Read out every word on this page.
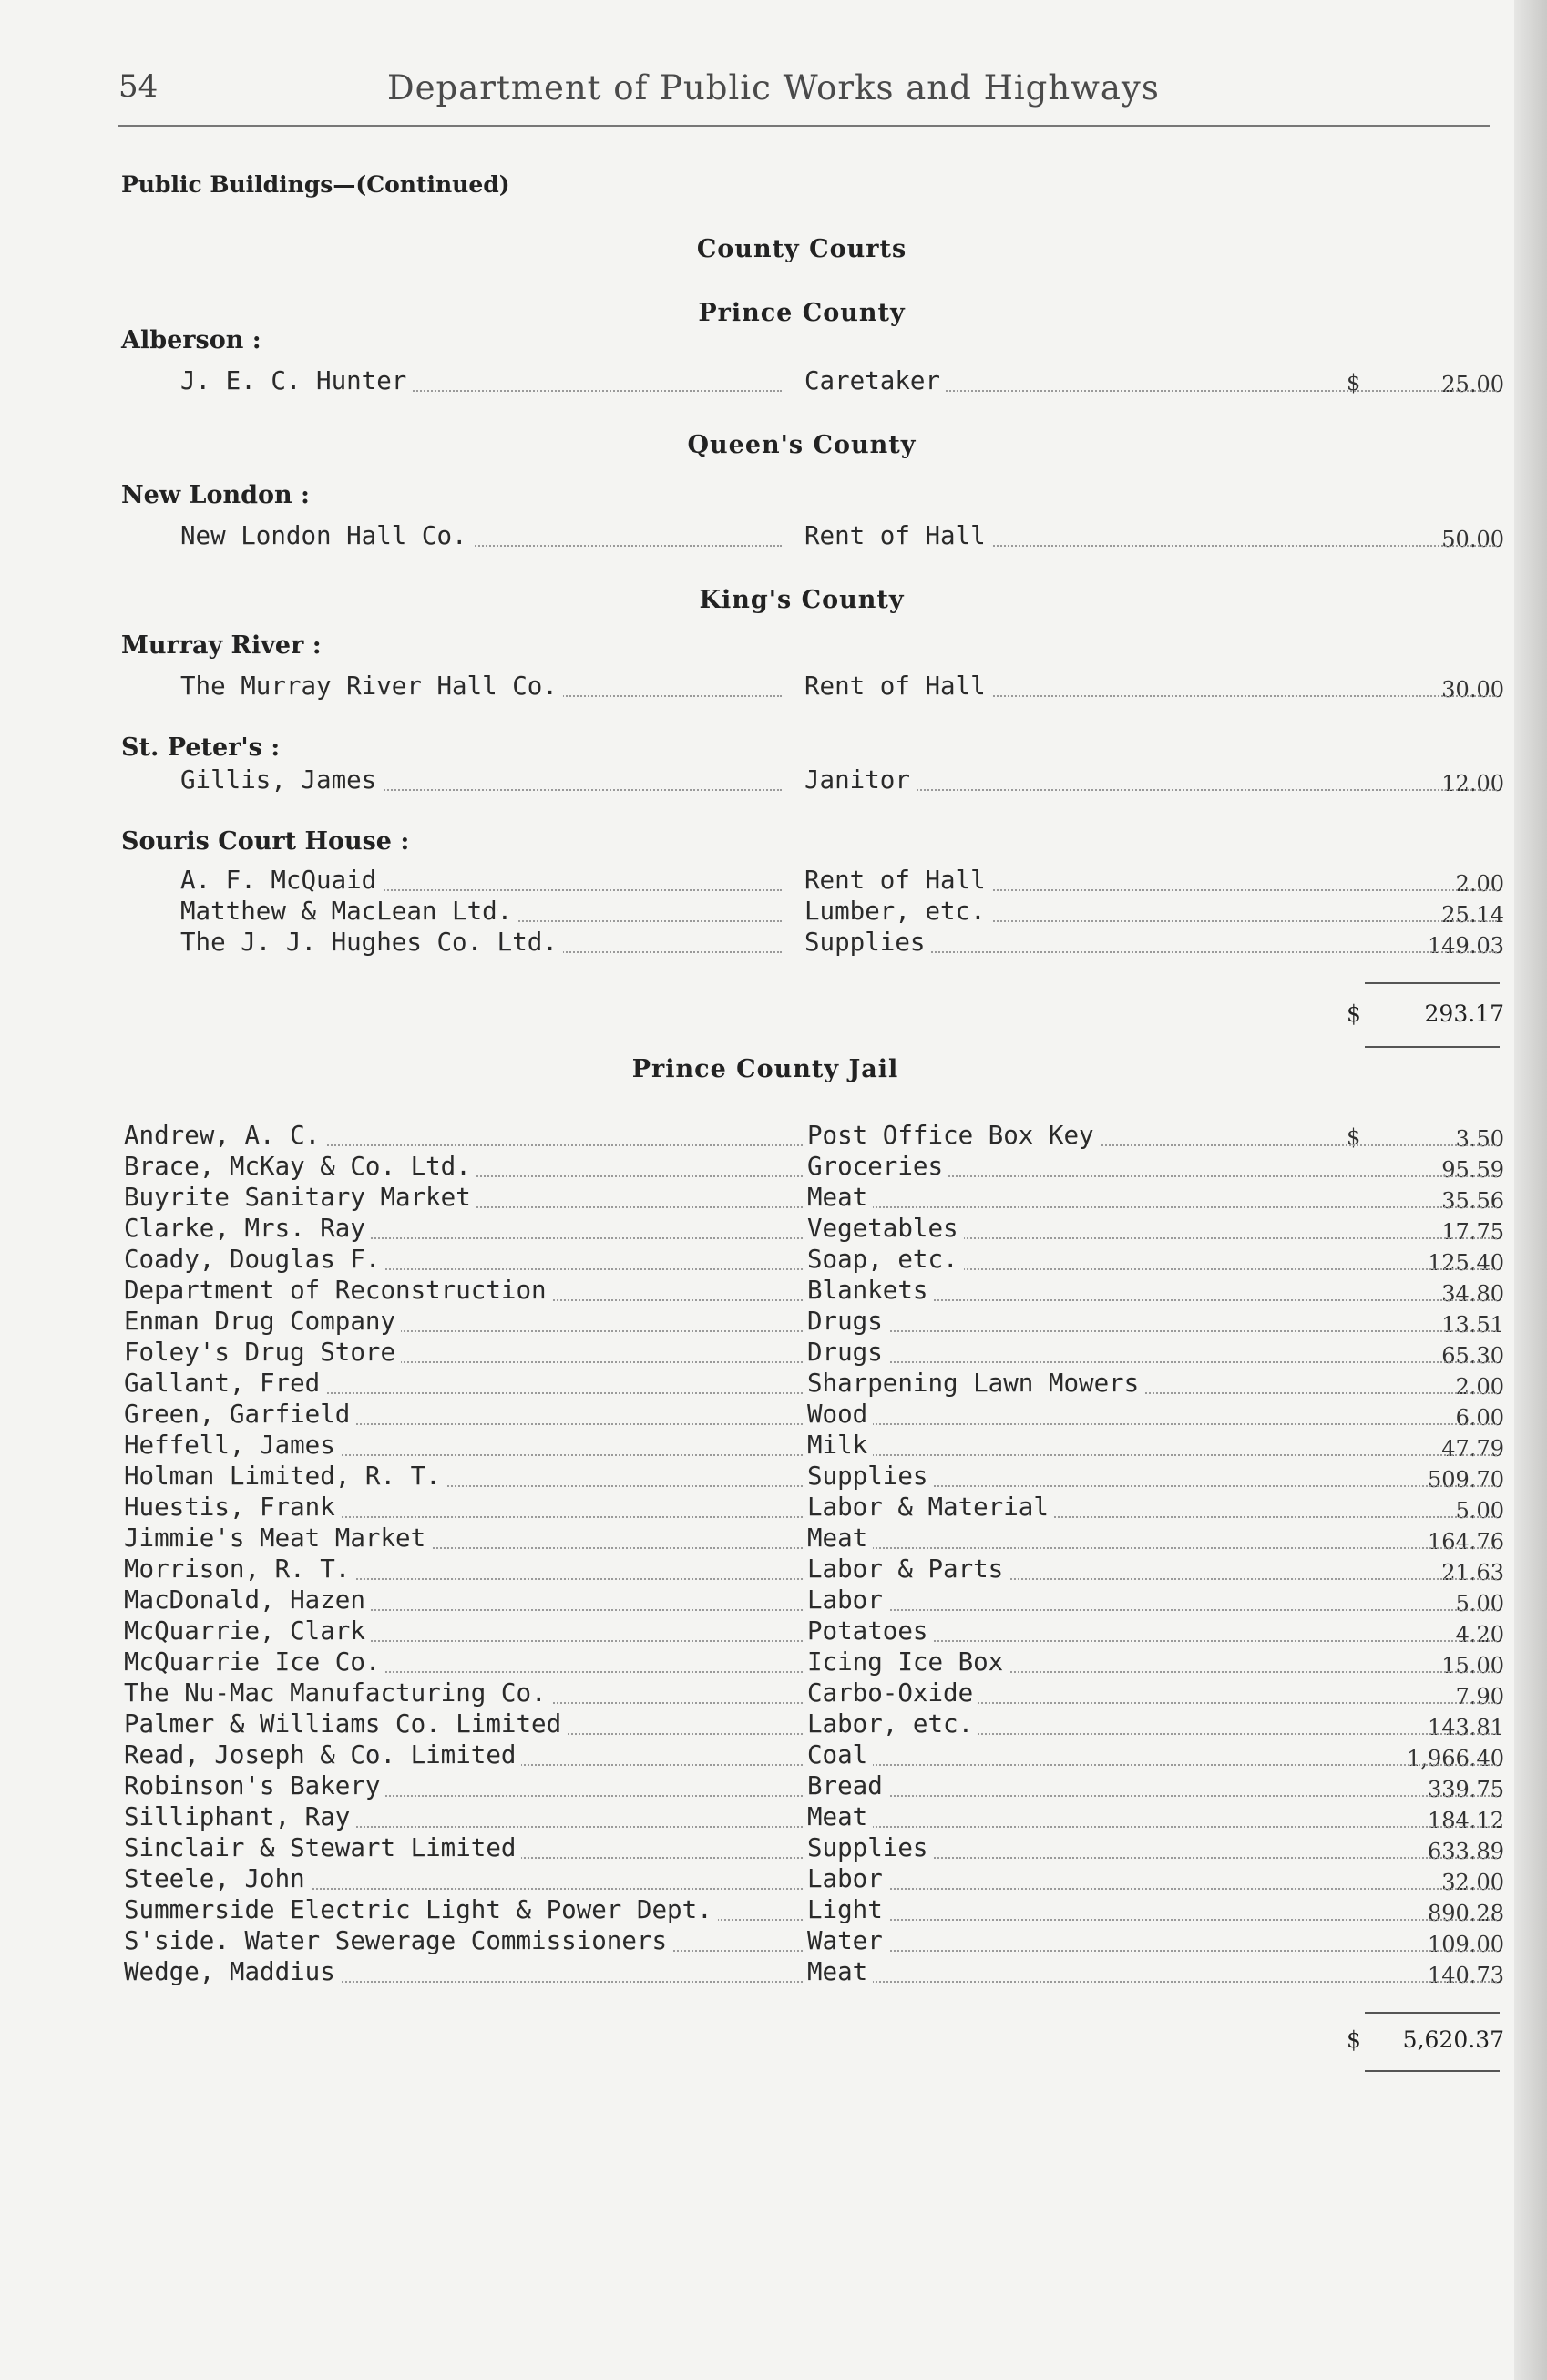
54	Department of Public Works and Highways
Public Buildings—(Continued)
County Courts
Prince County
Alberson :
J. E. C. Hunter	Caretaker	$	25.00
Queen's County
New London :
New London Hall Co.	Rent of Hall	50.00
King's County
Murray River :
The Murray River Hall Co.	Rent of Hall	30.00
St. Peter's :
Gillis, James	Janitor	12.00
Souris Court House :
A. F. McQuaid	Rent of Hall	2.00
Matthew & MacLean Ltd.	Lumber, etc.	25.14
The J. J. Hughes Co. Ltd.	Supplies	149.03
$	293.17
Prince County Jail
Andrew, A. C.	Post Office Box Key	$	3.50
Brace, McKay & Co. Ltd.	Groceries	95.59
Buyrite Sanitary Market	Meat	35.56
Clarke, Mrs. Ray	Vegetables	17.75
Coady, Douglas F.	Soap, etc.	125.40
Department of Reconstruction	Blankets	34.80
Enman Drug Company	Drugs	13.51
Foley's Drug Store	Drugs	65.30
Gallant, Fred	Sharpening Lawn Mowers	2.00
Green, Garfield	Wood	6.00
Heffell, James	Milk	47.79
Holman Limited, R. T.	Supplies	509.70
Huestis, Frank	Labor & Material	5.00
Jimmie's Meat Market	Meat	164.76
Morrison, R. T.	Labor & Parts	21.63
MacDonald, Hazen	Labor	5.00
McQuarrie, Clark	Potatoes	4.20
McQuarrie Ice Co.	Icing Ice Box	15.00
The Nu-Mac Manufacturing Co.	Carbo-Oxide	7.90
Palmer & Williams Co. Limited	Labor, etc.	143.81
Read, Joseph & Co. Limited	Coal	1,966.40
Robinson's Bakery	Bread	339.75
Silliphant, Ray	Meat	184.12
Sinclair & Stewart Limited	Supplies	633.89
Steele, John	Labor	32.00
Summerside Electric Light & Power Dept.	Light	890.28
S'side. Water Sewerage Commissioners	Water	109.00
Wedge, Maddius	Meat	140.73
$ 5,620.37
